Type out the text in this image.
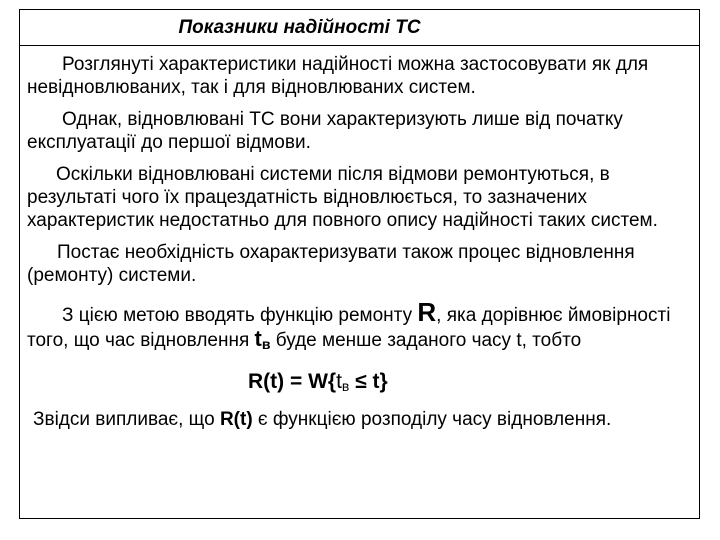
Показники надійності ТС

Розглянуті характеристики надійності можна застосовувати як для невідновлюваних, так і для відновлюваних систем.

Однак, відновлювані ТС вони характеризують лише від початку експлуатації до першої відмови.

Оскільки відновлювані системи після відмови ремонтуються, в результаті чого їх працездатність відновлюється, то зазначених характеристик недостатньо для повного опису надійності таких систем.

Постає необхідність охарактеризувати також процес відновлення (ремонту) системи.

З цією метою вводять функцію ремонту R, яка дорівнює ймовірності того, що час відновлення $t_в$ буде менше заданого часу t, тобто

$R(t) = W\{t_в \le t\}$

Звідси випливає, що R(t) є функцією розподілу часу відновлення.
